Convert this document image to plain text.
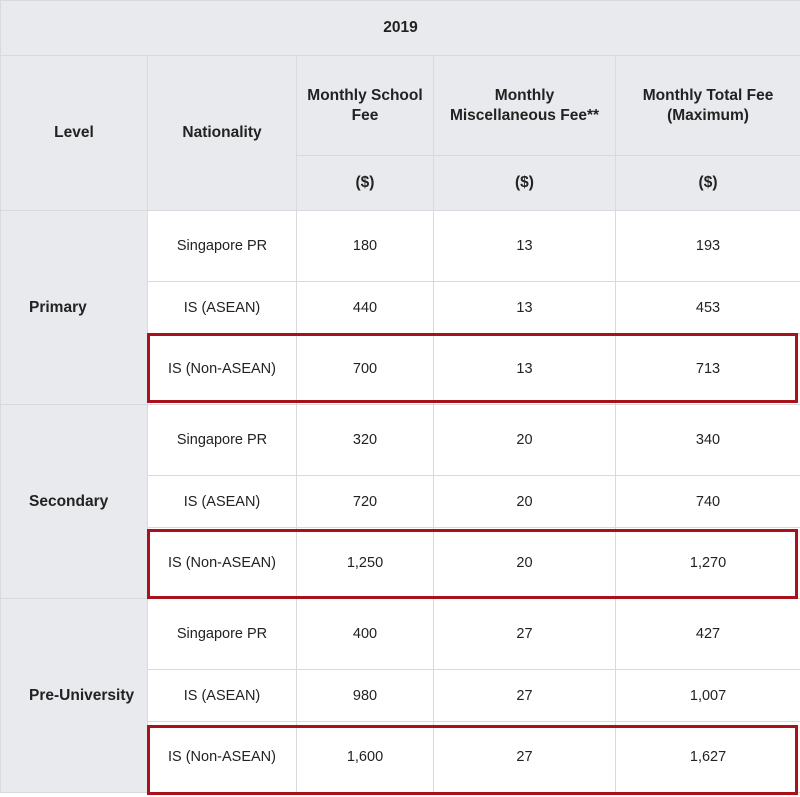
2019				
Level	Nationality	Monthly School Fee	Monthly Miscellaneous Fee**	Monthly Total Fee (Maximum)
		($)	($)	($)
Primary	Singapore PR	180	13	193
	IS (ASEAN)	440	13	453
	IS (Non-ASEAN)	700	13	713
Secondary	Singapore PR	320	20	340
	IS (ASEAN)	720	20	740
	IS (Non-ASEAN)	1,250	20	1,270
Pre-University	Singapore PR	400	27	427
	IS (ASEAN)	980	27	1,007
	IS (Non-ASEAN)	1,600	27	1,627
